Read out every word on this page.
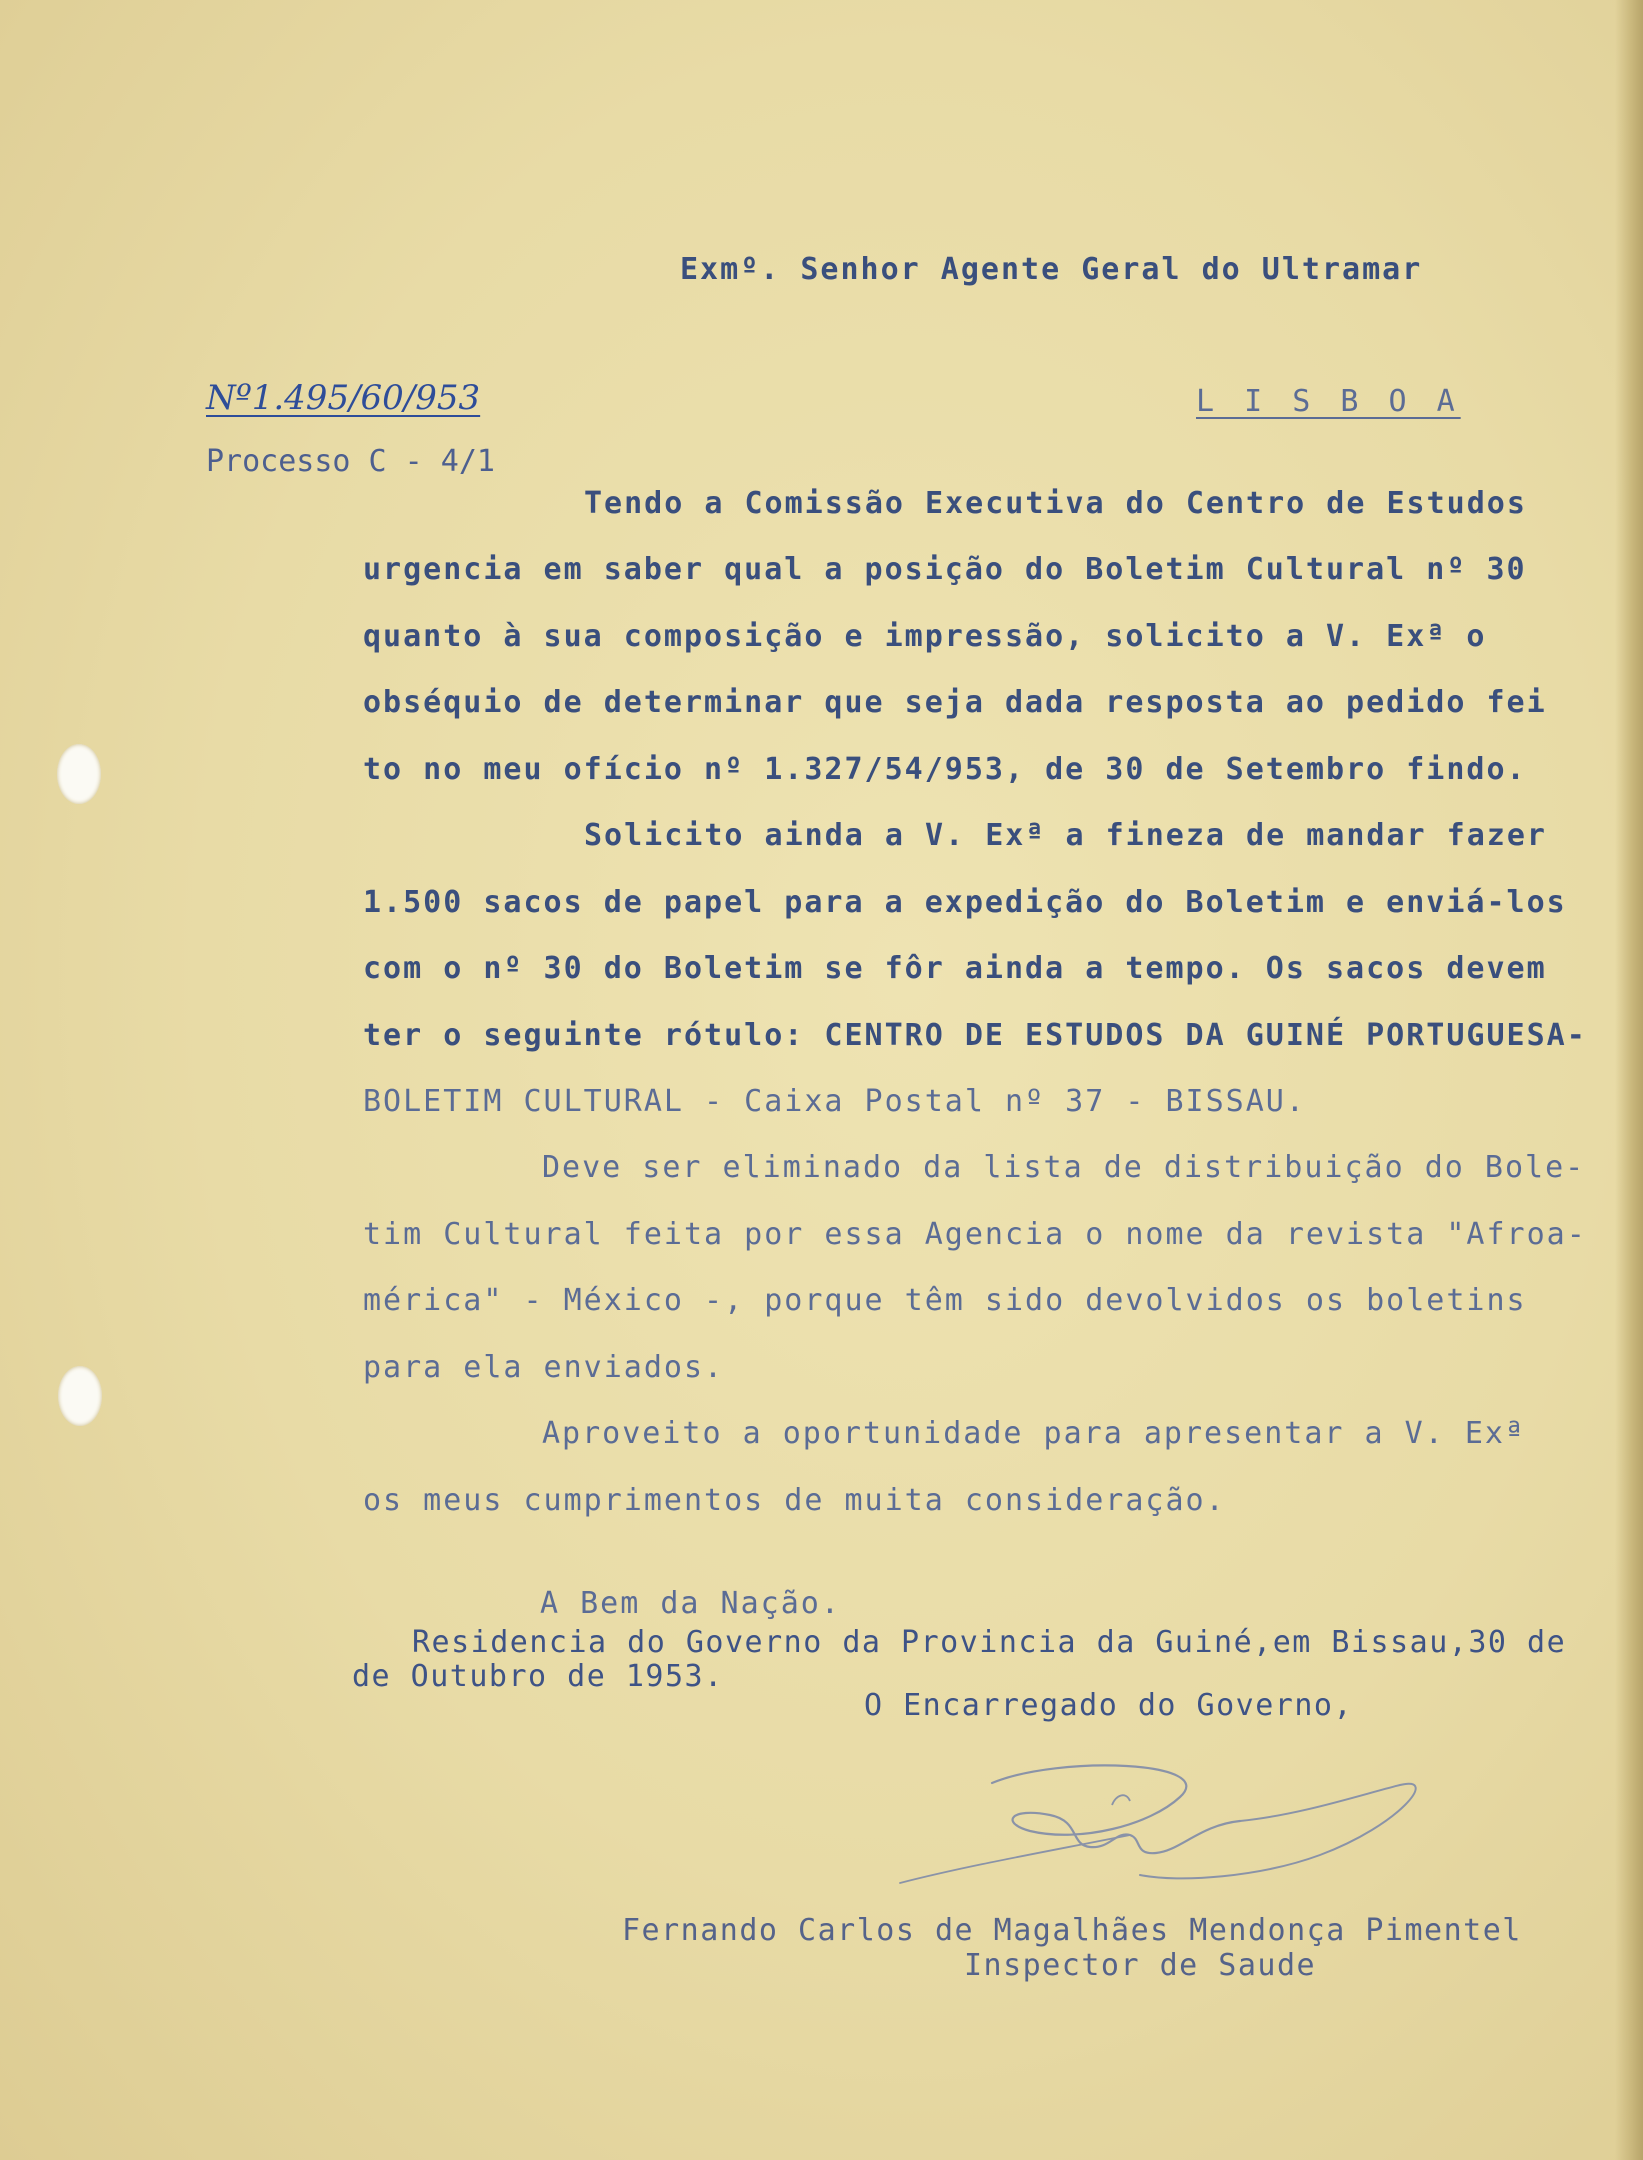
Exmº. Senhor Agente Geral do Ultramar
Nº1.495/60/953	L I S B O A
Processo C - 4/1
Tendo a Comissão Executiva do Centro de Estudos
urgencia em saber qual a posição do Boletim Cultural nº 30
quanto à sua composição e impressão, solicito a V. Exª o
obséquio de determinar que seja dada resposta ao pedido fei
to no meu ofício nº 1.327/54/953, de 30 de Setembro findo.
Solicito ainda a V. Exª a fineza de mandar fazer
1.500 sacos de papel para a expedição do Boletim e enviá-los
com o nº 30 do Boletim se fôr ainda a tempo. Os sacos devem
ter o seguinte rótulo: CENTRO DE ESTUDOS DA GUINÉ PORTUGUESA-
BOLETIM CULTURAL - Caixa Postal nº 37 - BISSAU.
Deve ser eliminado da lista de distribuição do Bole-
tim Cultural feita por essa Agencia o nome da revista "Afroa-
mérica" - México -, porque têm sido devolvidos os boletins
para ela enviados.
Aproveito a oportunidade para apresentar a V. Exª
os meus cumprimentos de muita consideração.
A Bem da Nação.
Residencia do Governo da Provincia da Guiné,em Bissau,30 de
de Outubro de 1953.
O Encarregado do Governo,
Fernando Carlos de Magalhães Mendonça Pimentel
Inspector de Saude
